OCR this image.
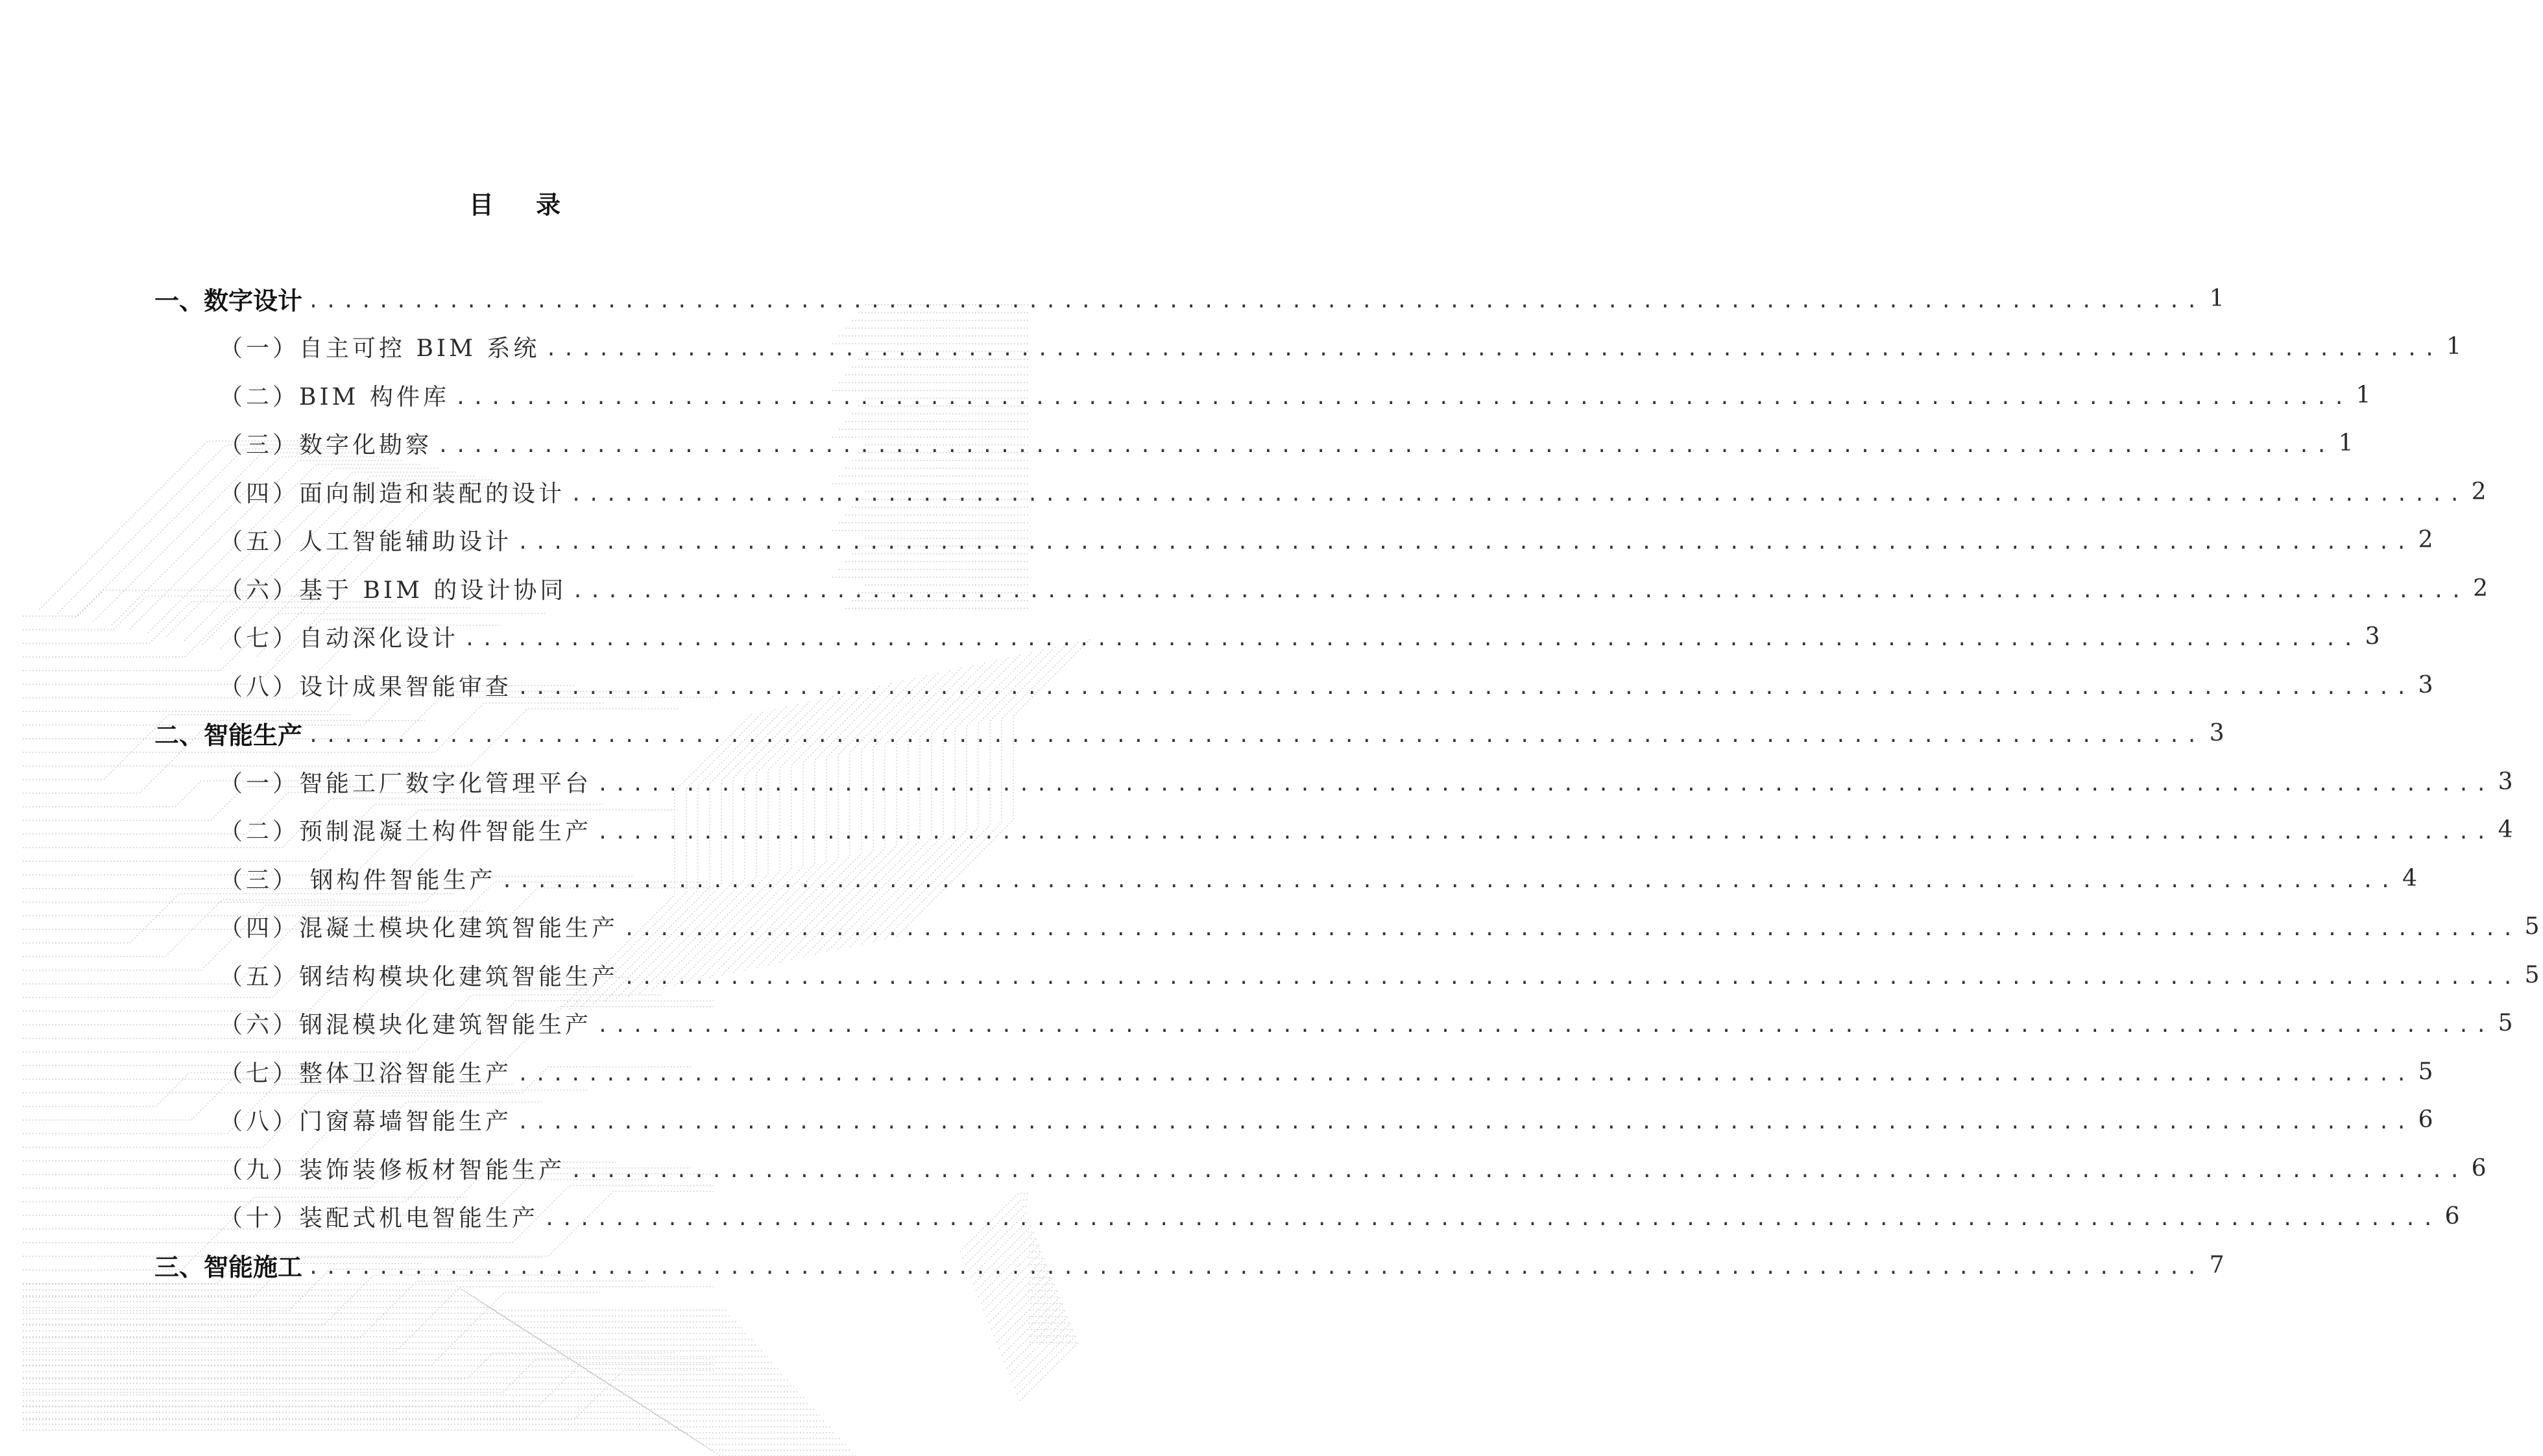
目 录
一、数字设计 ............................................................................................................ 1
（一）自主可控 BIM 系统 ............................................................................................................ 1
（二）BIM 构件库 ............................................................................................................ 1
（三）数字化勘察 ............................................................................................................ 1
（四）面向制造和装配的设计 ............................................................................................................ 2
（五）人工智能辅助设计 ............................................................................................................ 2
（六）基于 BIM 的设计协同 ............................................................................................................ 2
（七）自动深化设计 ............................................................................................................ 3
（八）设计成果智能审查 ............................................................................................................ 3
二、智能生产 ............................................................................................................ 3
（一）智能工厂数字化管理平台 ............................................................................................................ 3
（二）预制混凝土构件智能生产 ............................................................................................................ 4
（三） 钢构件智能生产 ............................................................................................................ 4
（四）混凝土模块化建筑智能生产 ............................................................................................................ 5
（五）钢结构模块化建筑智能生产 ............................................................................................................ 5
（六）钢混模块化建筑智能生产 ............................................................................................................ 5
（七）整体卫浴智能生产 ............................................................................................................ 5
（八）门窗幕墙智能生产 ............................................................................................................ 6
（九）装饰装修板材智能生产 ............................................................................................................ 6
（十）装配式机电智能生产 ............................................................................................................ 6
三、智能施工 ............................................................................................................ 7
